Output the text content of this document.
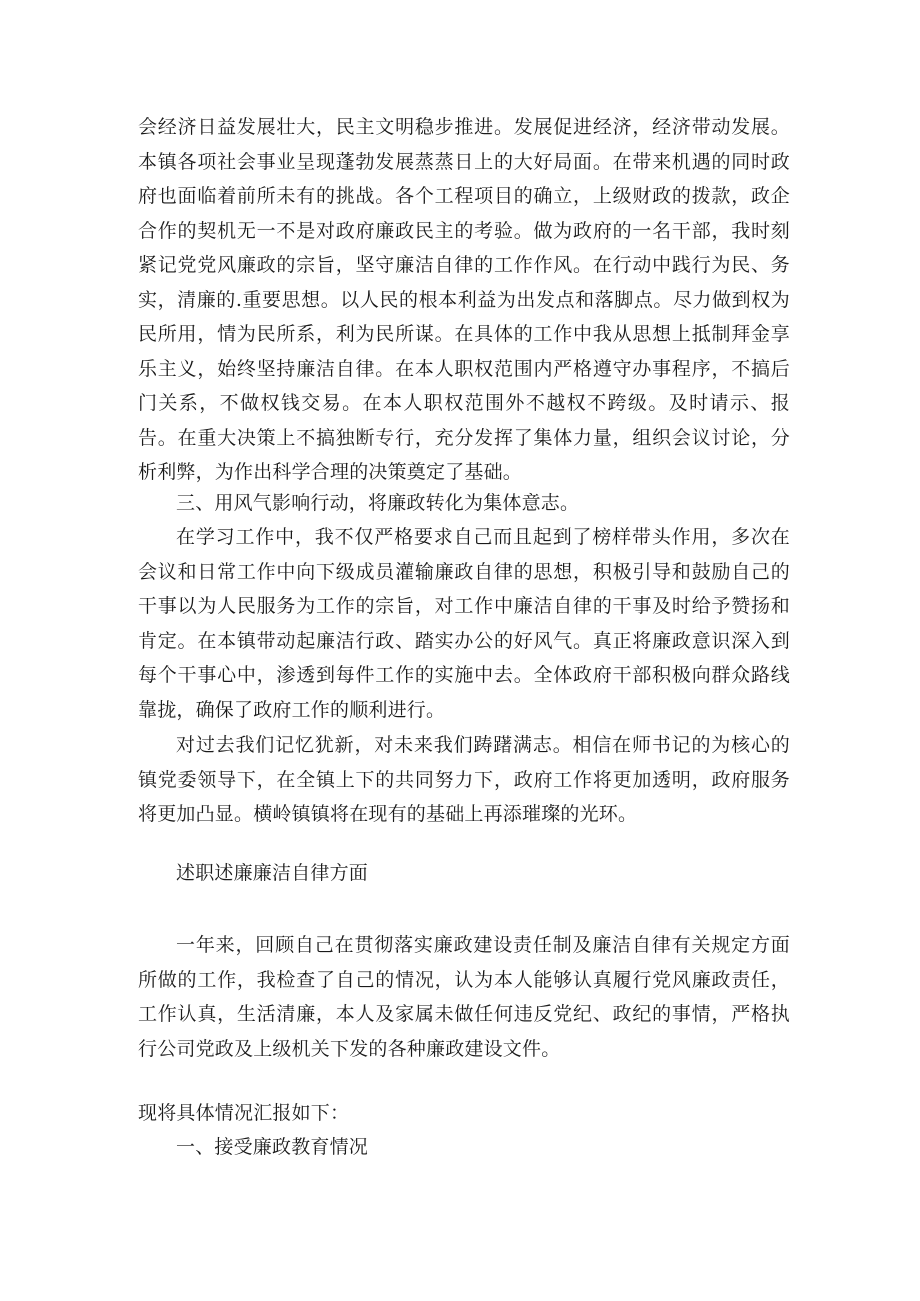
会经济日益发展壮大，民主文明稳步推进。发展促进经济，经济带动发展。本镇各项社会事业呈现蓬勃发展蒸蒸日上的大好局面。在带来机遇的同时政府也面临着前所未有的挑战。各个工程项目的确立，上级财政的拨款，政企合作的契机无一不是对政府廉政民主的考验。做为政府的一名干部，我时刻紧记党党风廉政的宗旨，坚守廉洁自律的工作作风。在行动中践行为民、务实，清廉的.重要思想。以人民的根本利益为出发点和落脚点。尽力做到权为民所用，情为民所系，利为民所谋。在具体的工作中我从思想上抵制拜金享乐主义，始终坚持廉洁自律。在本人职权范围内严格遵守办事程序，不搞后门关系，不做权钱交易。在本人职权范围外不越权不跨级。及时请示、报告。在重大决策上不搞独断专行，充分发挥了集体力量，组织会议讨论，分析利弊，为作出科学合理的决策奠定了基础。

三、用风气影响行动，将廉政转化为集体意志。

在学习工作中，我不仅严格要求自己而且起到了榜样带头作用，多次在会议和日常工作中向下级成员灌输廉政自律的思想，积极引导和鼓励自己的干事以为人民服务为工作的宗旨，对工作中廉洁自律的干事及时给予赞扬和肯定。在本镇带动起廉洁行政、踏实办公的好风气。真正将廉政意识深入到每个干事心中，渗透到每件工作的实施中去。全体政府干部积极向群众路线靠拢，确保了政府工作的顺利进行。

对过去我们记忆犹新，对未来我们踌躇满志。相信在师书记的为核心的镇党委领导下，在全镇上下的共同努力下，政府工作将更加透明，政府服务将更加凸显。横岭镇镇将在现有的基础上再添璀璨的光环。

述职述廉廉洁自律方面

一年来，回顾自己在贯彻落实廉政建设责任制及廉洁自律有关规定方面所做的工作，我检查了自己的情况，认为本人能够认真履行党风廉政责任，工作认真，生活清廉，本人及家属未做任何违反党纪、政纪的事情，严格执行公司党政及上级机关下发的各种廉政建设文件。

现将具体情况汇报如下：

一、接受廉政教育情况
